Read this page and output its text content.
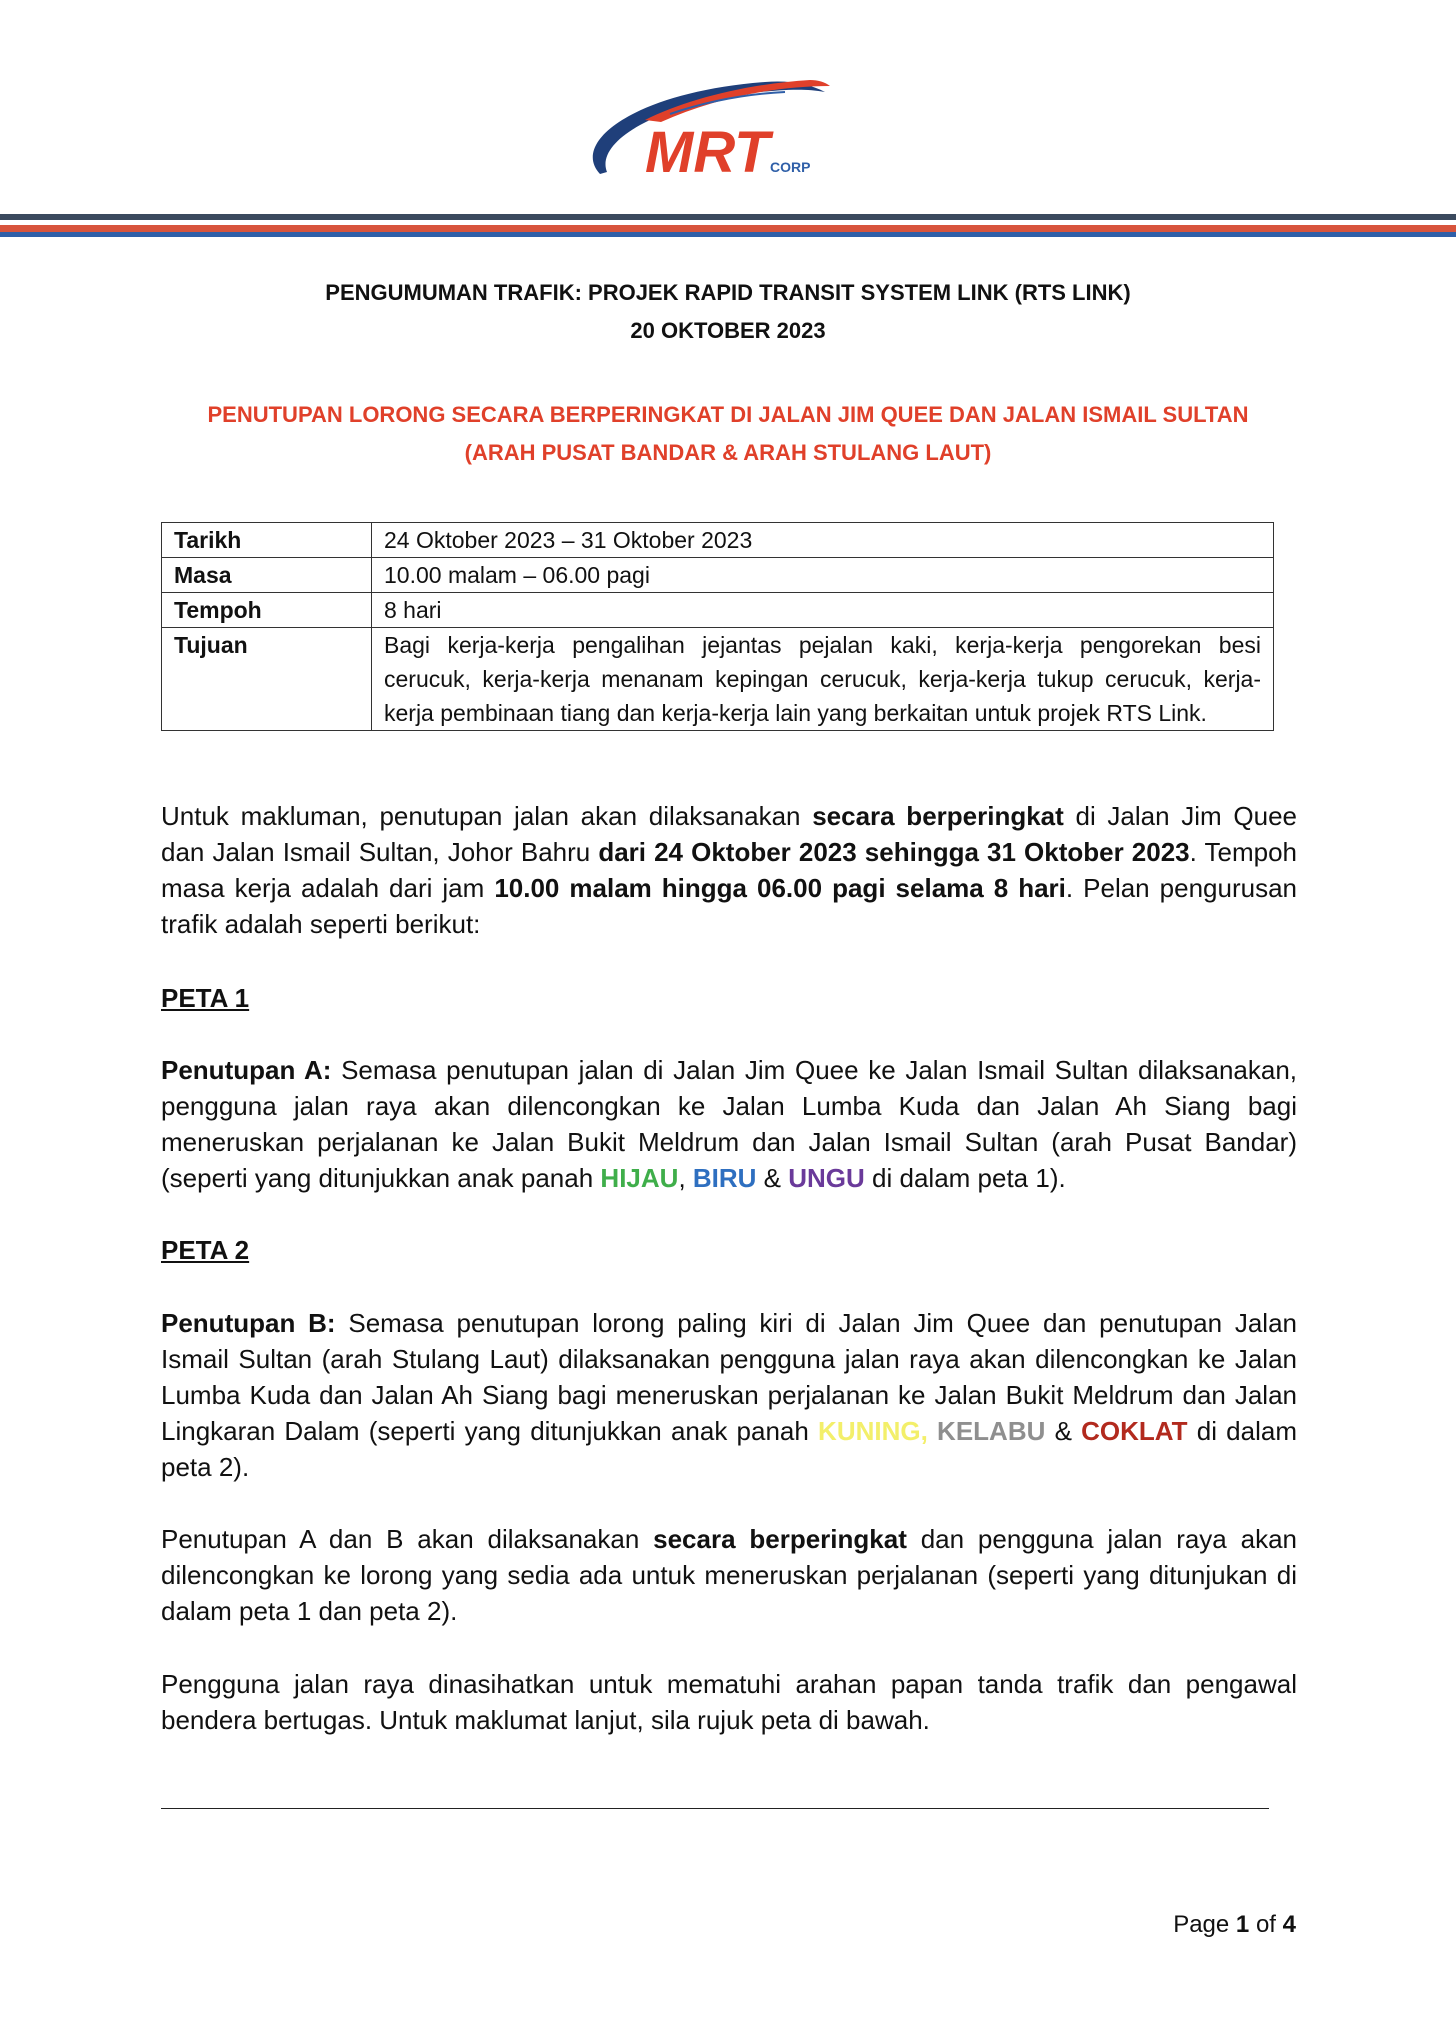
MRT CORP
PENGUMUMAN TRAFIK: PROJEK RAPID TRANSIT SYSTEM LINK (RTS LINK)
20 OKTOBER 2023
PENUTUPAN LORONG SECARA BERPERINGKAT DI JALAN JIM QUEE DAN JALAN ISMAIL SULTAN
(ARAH PUSAT BANDAR & ARAH STULANG LAUT)
Tarikh	24 Oktober 2023 – 31 Oktober 2023
Masa	10.00 malam – 06.00 pagi
Tempoh	8 hari
Tujuan	Bagi kerja-kerja pengalihan jejantas pejalan kaki, kerja-kerja pengorekan besi cerucuk, kerja-kerja menanam kepingan cerucuk, kerja-kerja tukup cerucuk, kerja-kerja pembinaan tiang dan kerja-kerja lain yang berkaitan untuk projek RTS Link.

Untuk makluman, penutupan jalan akan dilaksanakan secara berperingkat di Jalan Jim Quee dan Jalan Ismail Sultan, Johor Bahru dari 24 Oktober 2023 sehingga 31 Oktober 2023. Tempoh masa kerja adalah dari jam 10.00 malam hingga 06.00 pagi selama 8 hari. Pelan pengurusan trafik adalah seperti berikut:

PETA 1

Penutupan A: Semasa penutupan jalan di Jalan Jim Quee ke Jalan Ismail Sultan dilaksanakan, pengguna jalan raya akan dilencongkan ke Jalan Lumba Kuda dan Jalan Ah Siang bagi meneruskan perjalanan ke Jalan Bukit Meldrum dan Jalan Ismail Sultan (arah Pusat Bandar) (seperti yang ditunjukkan anak panah HIJAU, BIRU & UNGU di dalam peta 1).

PETA 2

Penutupan B: Semasa penutupan lorong paling kiri di Jalan Jim Quee dan penutupan Jalan Ismail Sultan (arah Stulang Laut) dilaksanakan pengguna jalan raya akan dilencongkan ke Jalan Lumba Kuda dan Jalan Ah Siang bagi meneruskan perjalanan ke Jalan Bukit Meldrum dan Jalan Lingkaran Dalam (seperti yang ditunjukkan anak panah KUNING, KELABU & COKLAT di dalam peta 2).

Penutupan A dan B akan dilaksanakan secara berperingkat dan pengguna jalan raya akan dilencongkan ke lorong yang sedia ada untuk meneruskan perjalanan (seperti yang ditunjukan di dalam peta 1 dan peta 2).

Pengguna jalan raya dinasihatkan untuk mematuhi arahan papan tanda trafik dan pengawal bendera bertugas. Untuk maklumat lanjut, sila rujuk peta di bawah.

Page 1 of 4
